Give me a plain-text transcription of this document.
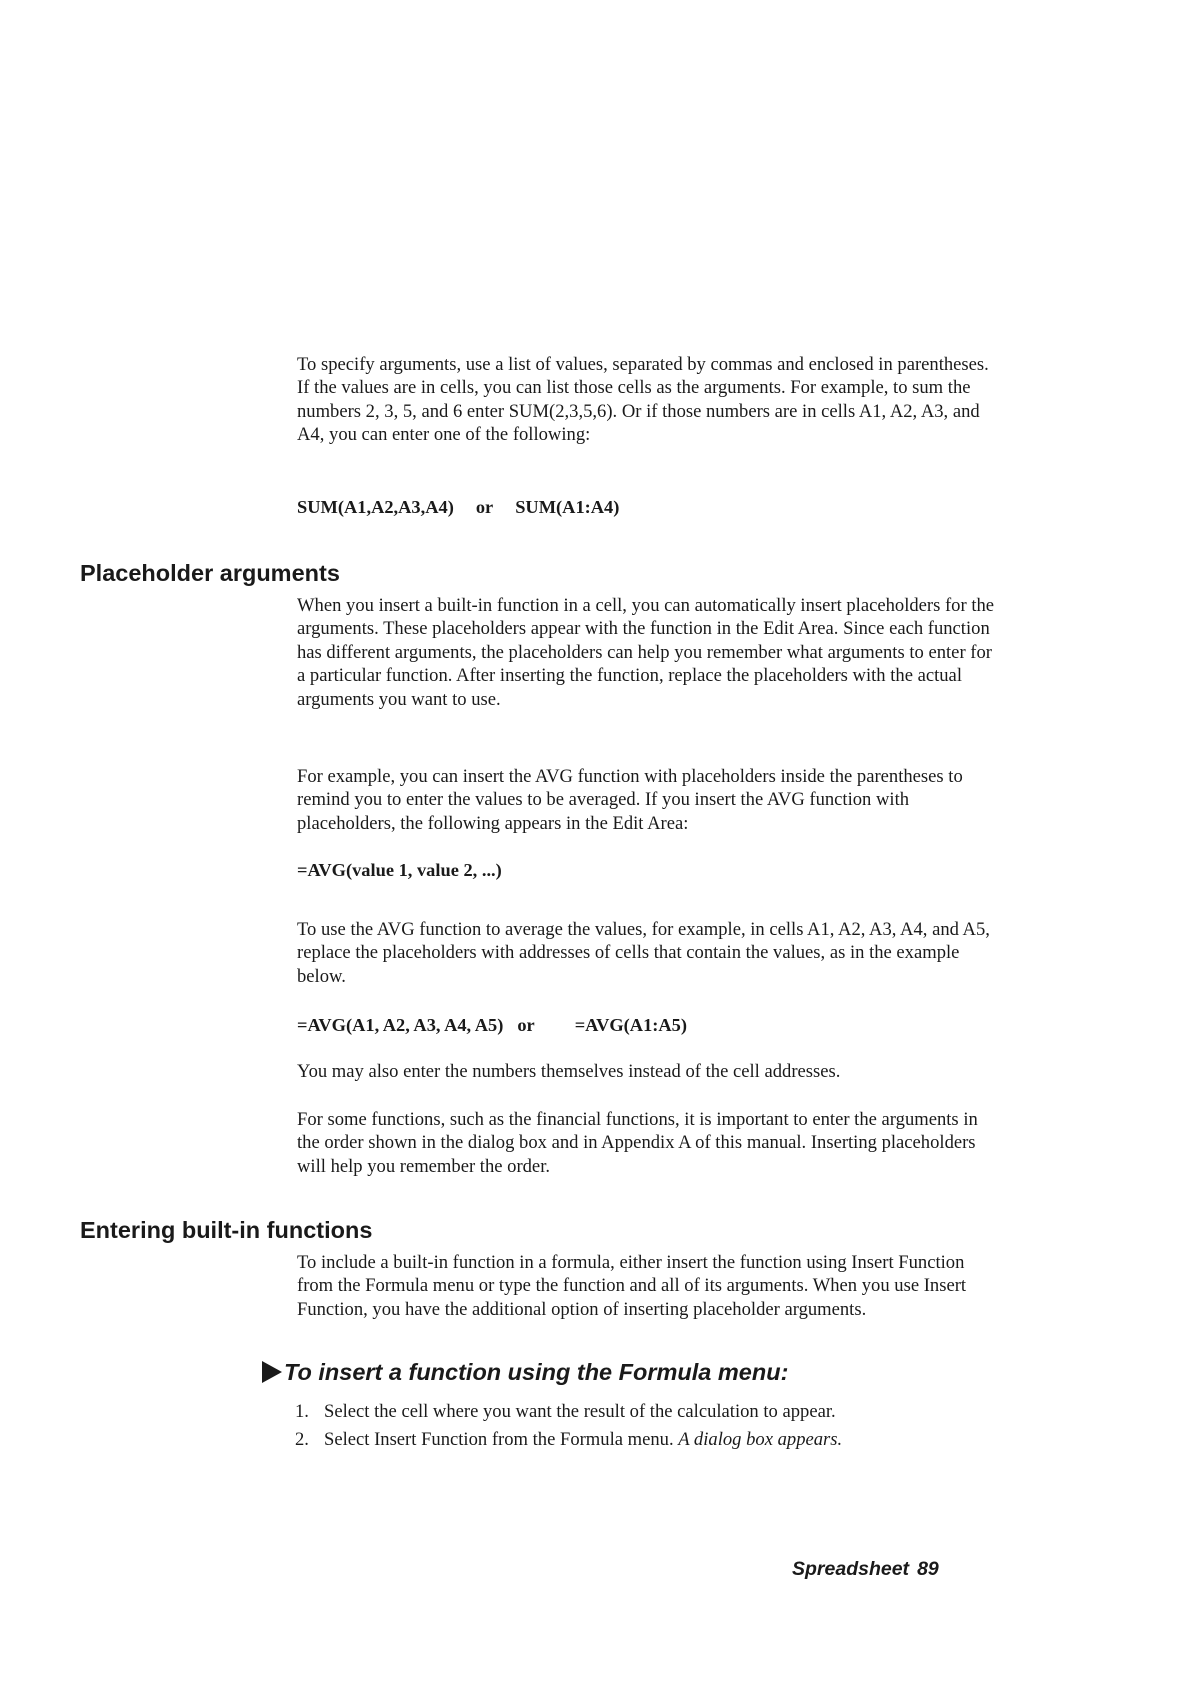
To specify arguments, use a list of values, separated by commas and enclosed in parentheses. If the values are in cells, you can list those cells as the arguments. For example, to sum the numbers 2, 3, 5, and 6 enter SUM(2,3,5,6). Or if those numbers are in cells A1, A2, A3, and A4, you can enter one of the following:

SUM(A1,A2,A3,A4) or SUM(A1:A4)
Placeholder arguments

When you insert a built-in function in a cell, you can automatically insert placeholders for the arguments. These placeholders appear with the function in the Edit Area. Since each function has different arguments, the placeholders can help you remember what arguments to enter for a particular function. After inserting the function, replace the placeholders with the actual arguments you want to use.

For example, you can insert the AVG function with placeholders inside the parentheses to remind you to enter the values to be averaged. If you insert the AVG function with placeholders, the following appears in the Edit Area:

=AVG(value 1, value 2, ...)

To use the AVG function to average the values, for example, in cells A1, A2, A3, A4, and A5, replace the placeholders with addresses of cells that contain the values, as in the example below.

=AVG(A1, A2, A3, A4, A5) or =AVG(A1:A5)

You may also enter the numbers themselves instead of the cell addresses.

For some functions, such as the financial functions, it is important to enter the arguments in the order shown in the dialog box and in Appendix A of this manual. Inserting placeholders will help you remember the order.

Entering built-in functions

To include a built-in function in a formula, either insert the function using Insert Function from the Formula menu or type the function and all of its arguments. When you use Insert Function, you have the additional option of inserting placeholder arguments.

To insert a function using the Formula menu:
1. Select the cell where you want the result of the calculation to appear.
2. Select Insert Function from the Formula menu. A dialog box appears.
Spreadsheet 89
